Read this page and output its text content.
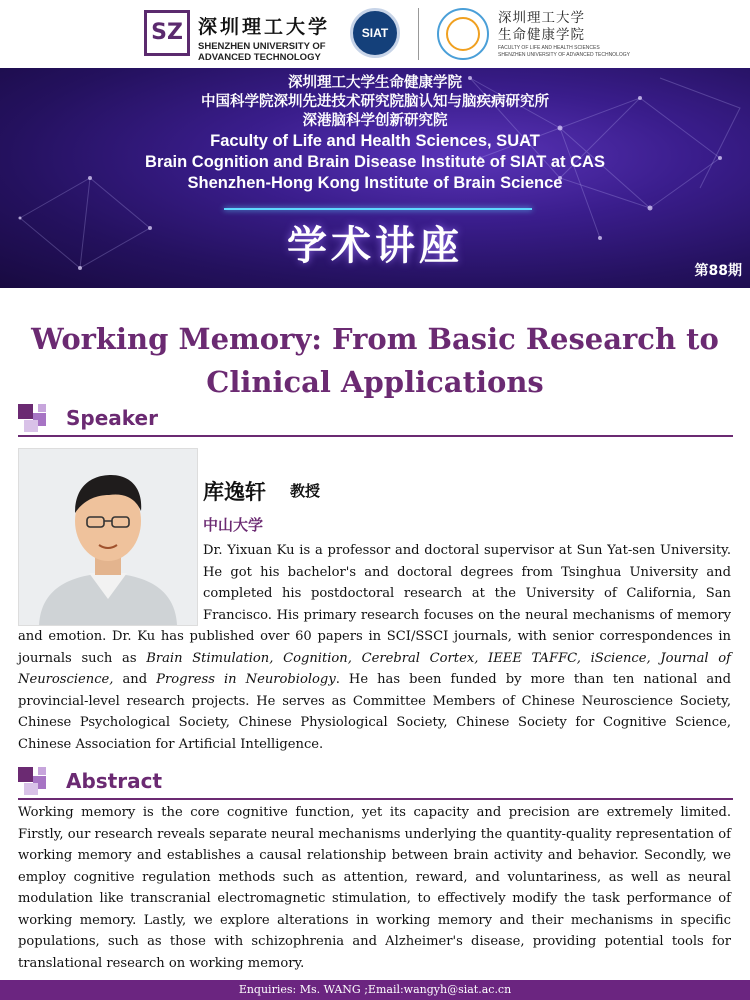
SZ 深圳理工大学
SHENZHEN UNIVERSITY OF
ADVANCED TECHNOLOGY
SIAT
深圳理工大学
生命健康学院
FACULTY OF LIFE AND HEALTH SCIENCES
SHENZHEN UNIVERSITY OF ADVANCED TECHNOLOGY
深圳理工大学生命健康学院
中国科学院深圳先进技术研究院脑认知与脑疾病研究所
深港脑科学创新研究院
Faculty of Life and Health Sciences, SUAT
Brain Cognition and Brain Disease Institute of SIAT at CAS
Shenzhen-Hong Kong Institute of Brain Science
学术讲座
第88期
时间：2024年08月14日10:00	地点：B220会议室	主持：周航助理教授
Working Memory: From Basic Research to
Clinical Applications
Speaker
库逸轩 教授
中山大学
Dr. Yixuan Ku is a professor and doctoral supervisor at Sun Yat-sen University. He got his bachelor's and doctoral degrees from Tsinghua University and completed his postdoctoral research at the University of California, San Francisco. His primary research focuses on the neural mechanisms of memory and emotion. Dr. Ku has published over 60 papers in SCI/SSCI journals, with senior correspondences in journals such as Brain Stimulation, Cognition, Cerebral Cortex, IEEE TAFFC, iScience, Journal of Neuroscience, and Progress in Neurobiology. He has been funded by more than ten national and provincial-level research projects. He serves as Committee Members of Chinese Neuroscience Society, Chinese Psychological Society, Chinese Physiological Society, Chinese Society for Cognitive Science, Chinese Association for Artificial Intelligence.
Abstract
Working memory is the core cognitive function, yet its capacity and precision are extremely limited. Firstly, our research reveals separate neural mechanisms underlying the quantity-quality representation of working memory and establishes a causal relationship between brain activity and behavior. Secondly, we employ cognitive regulation methods such as attention, reward, and voluntariness, as well as neural modulation like transcranial electromagnetic stimulation, to effectively modify the task performance of working memory. Lastly, we explore alterations in working memory and their mechanisms in specific populations, such as those with schizophrenia and Alzheimer's disease, providing potential tools for translational research on working memory.
Enquiries: Ms. WANG ;Email:wangyh@siat.ac.cn
